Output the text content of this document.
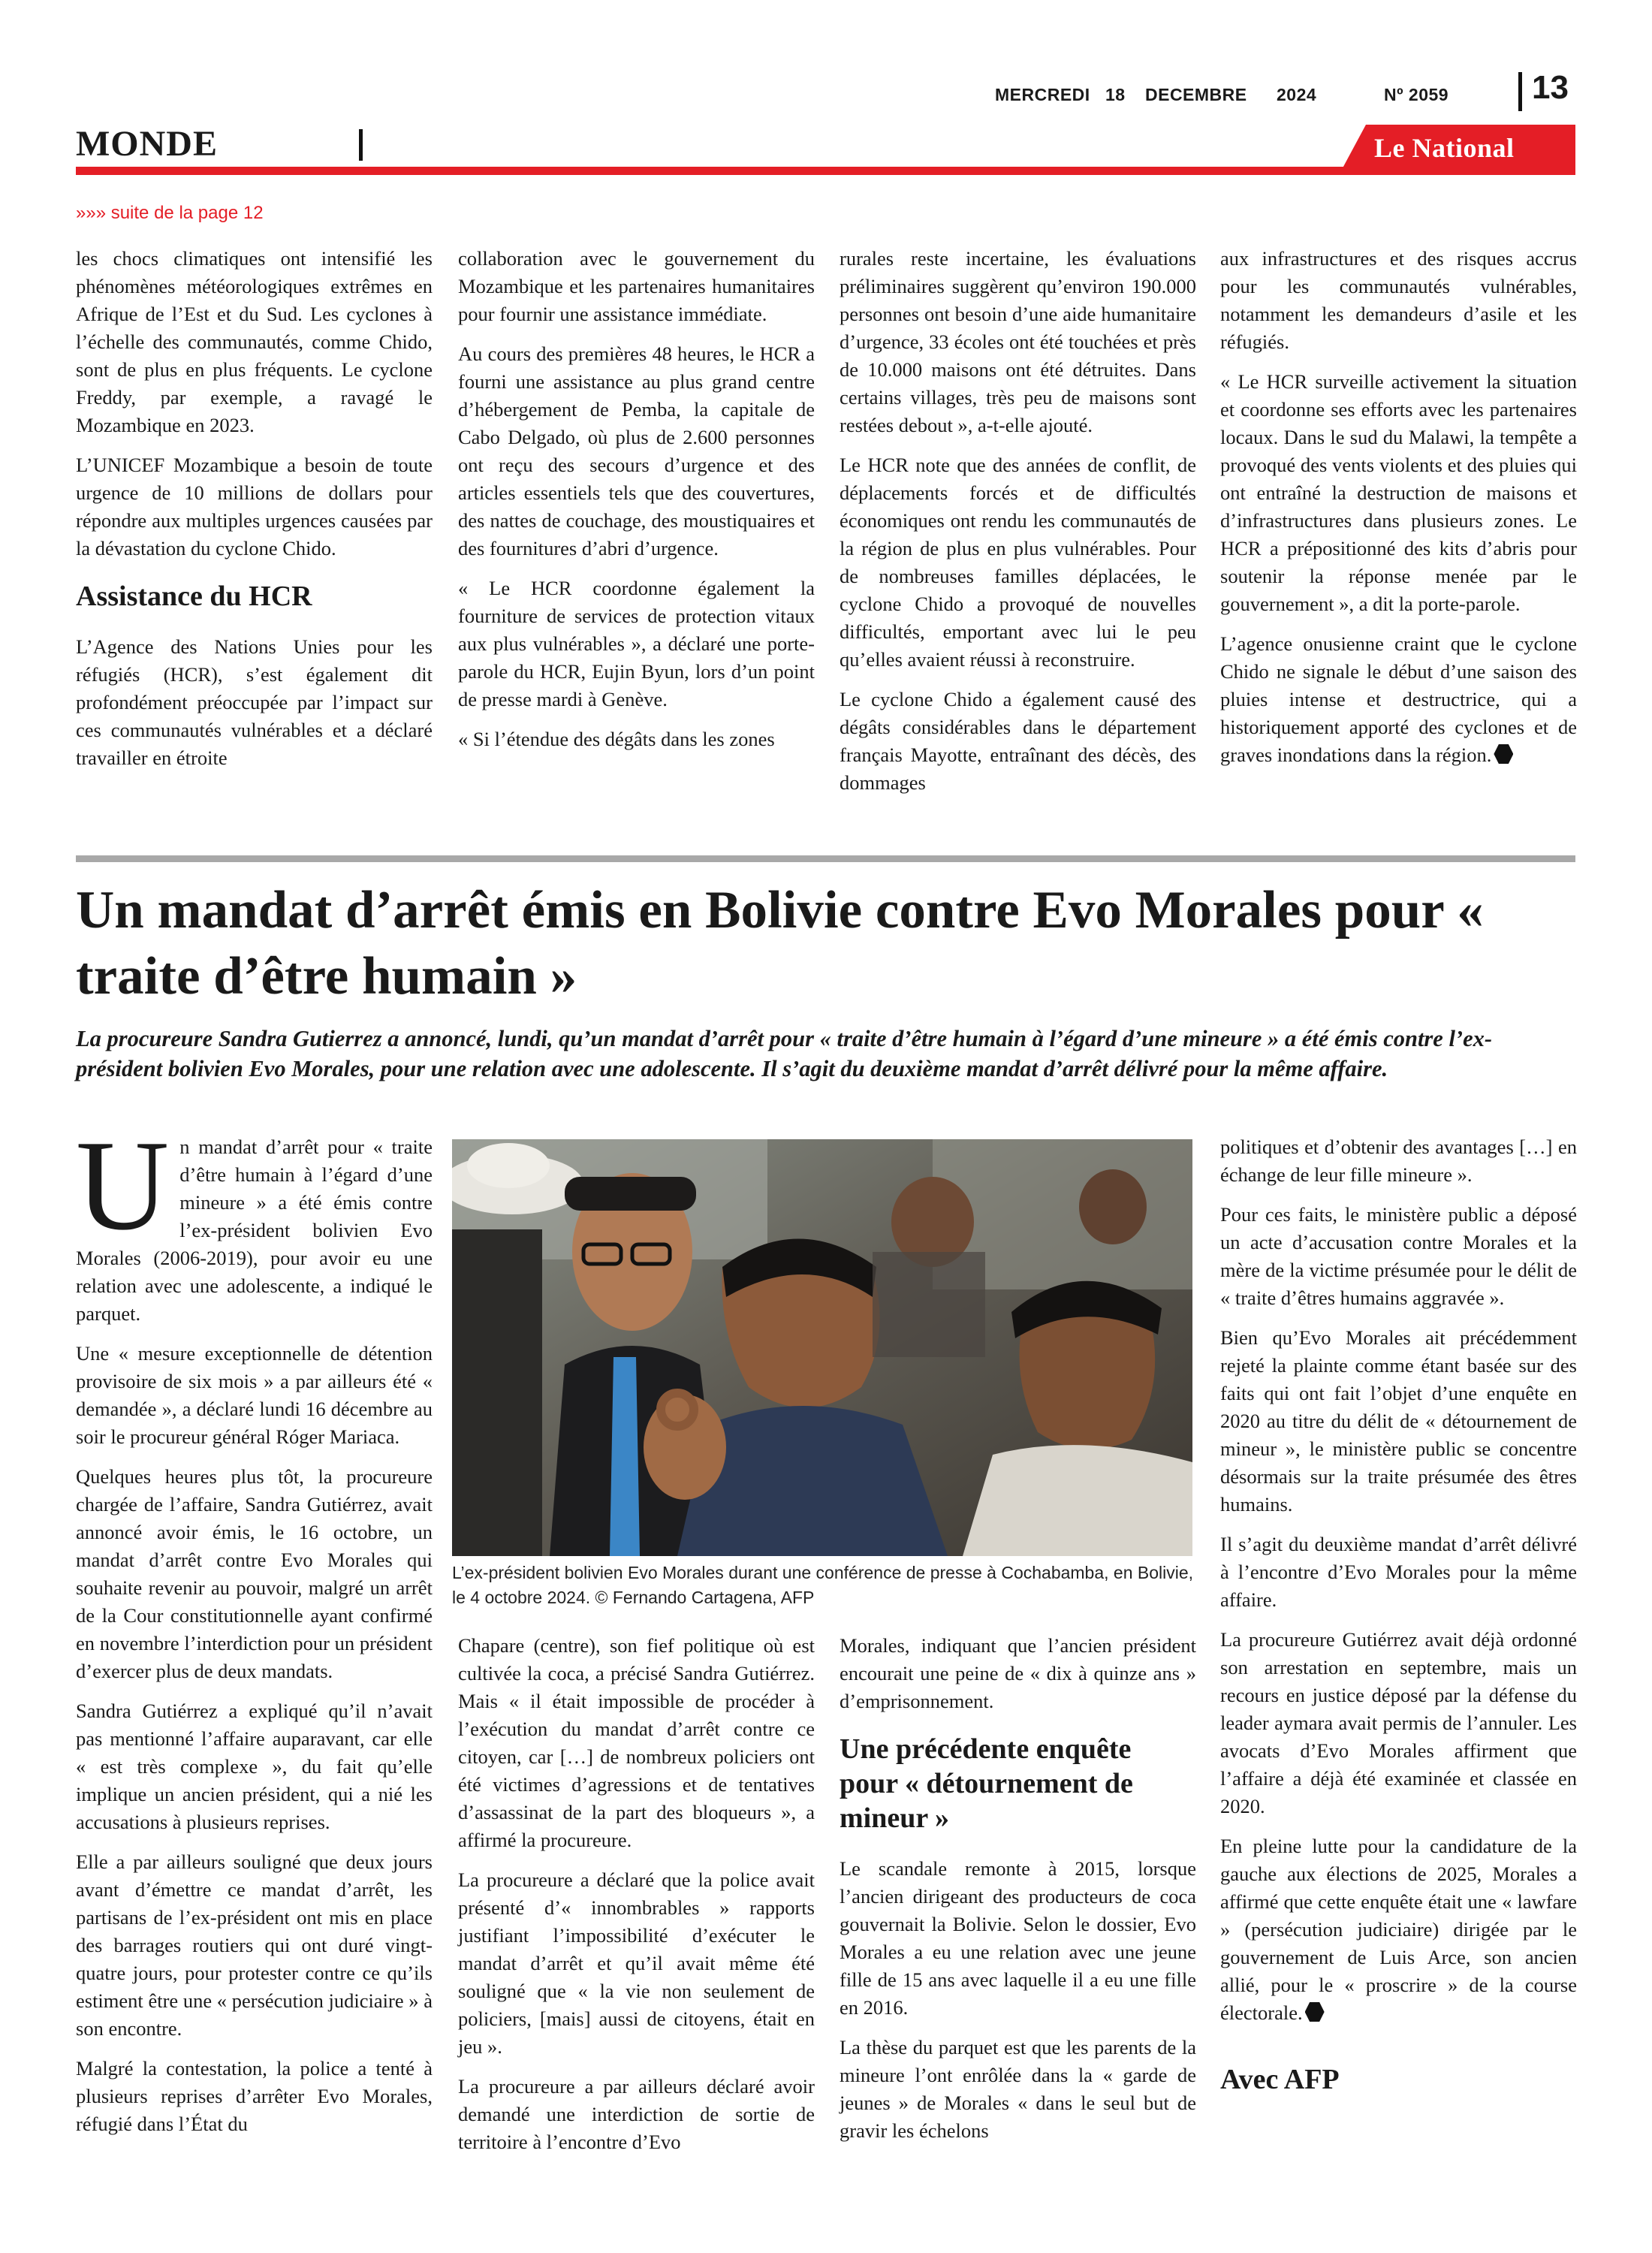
MERCREDI 18 DECEMBRE 2024	Nº 2059	13
MONDE	Le National
»»» suite de la page 12

les chocs climatiques ont intensifié les phénomènes météorologiques extrêmes en Afrique de l’Est et du Sud. Les cyclones à l’échelle des communautés, comme Chido, sont de plus en plus fréquents. Le cyclone Freddy, par exemple, a ravagé le Mozambique en 2023.

L’UNICEF Mozambique a besoin de toute urgence de 10 millions de dollars pour répondre aux multiples urgences causées par la dévastation du cyclone Chido.

Assistance du HCR

L’Agence des Nations Unies pour les réfugiés (HCR), s’est également dit profondément préoccupée par l’impact sur ces communautés vulnérables et a déclaré travailler en étroite

collaboration avec le gouvernement du Mozambique et les partenaires humanitaires pour fournir une assistance immédiate.

Au cours des premières 48 heures, le HCR a fourni une assistance au plus grand centre d’hébergement de Pemba, la capitale de Cabo Delgado, où plus de 2.600 personnes ont reçu des secours d’urgence et des articles essentiels tels que des couvertures, des nattes de couchage, des moustiquaires et des fournitures d’abri d’urgence.

« Le HCR coordonne également la fourniture de services de protection vitaux aux plus vulnérables », a déclaré une porte-parole du HCR, Eujin Byun, lors d’un point de presse mardi à Genève.

« Si l’étendue des dégâts dans les zones

rurales reste incertaine, les évaluations préliminaires suggèrent qu’environ 190.000 personnes ont besoin d’une aide humanitaire d’urgence, 33 écoles ont été touchées et près de 10.000 maisons ont été détruites. Dans certains villages, très peu de maisons sont restées debout », a-t-elle ajouté.

Le HCR note que des années de conflit, de déplacements forcés et de difficultés économiques ont rendu les communautés de la région de plus en plus vulnérables. Pour de nombreuses familles déplacées, le cyclone Chido a provoqué de nouvelles difficultés, emportant avec lui le peu qu’elles avaient réussi à reconstruire.

Le cyclone Chido a également causé des dégâts considérables dans le département français Mayotte, entraînant des décès, des dommages

aux infrastructures et des risques accrus pour les communautés vulnérables, notamment les demandeurs d’asile et les réfugiés.

« Le HCR surveille activement la situation et coordonne ses efforts avec les partenaires locaux. Dans le sud du Malawi, la tempête a provoqué des vents violents et des pluies qui ont entraîné la destruction de maisons et d’infrastructures dans plusieurs zones. Le HCR a prépositionné des kits d’abris pour soutenir la réponse menée par le gouvernement », a dit la porte-parole.

L’agence onusienne craint que le cyclone Chido ne signale le début d’une saison des pluies intense et destructrice, qui a historiquement apporté des cyclones et de graves inondations dans la région.

Un mandat d’arrêt émis en Bolivie contre Evo Morales pour « traite d’être humain »
La procureure Sandra Gutierrez a annoncé, lundi, qu’un mandat d’arrêt pour « traite d’être humain à l’égard d’une mineure » a été émis contre l’ex-président bolivien Evo Morales, pour une relation avec une adolescente. Il s’agit du deuxième mandat d’arrêt délivré pour la même affaire.

Un mandat d’arrêt pour « traite d’être humain à l’égard d’une mineure » a été émis contre l’ex-président bolivien Evo Morales (2006-2019), pour avoir eu une relation avec une adolescente, a indiqué le parquet.

Une « mesure exceptionnelle de détention provisoire de six mois » a par ailleurs été « demandée », a déclaré lundi 16 décembre au soir le procureur général Róger Mariaca.

Quelques heures plus tôt, la procureure chargée de l’affaire, Sandra Gutiérrez, avait annoncé avoir émis, le 16 octobre, un mandat d’arrêt contre Evo Morales qui souhaite revenir au pouvoir, malgré un arrêt de la Cour constitutionnelle ayant confirmé en novembre l’interdiction pour un président d’exercer plus de deux mandats.

Sandra Gutiérrez a expliqué qu’il n’avait pas mentionné l’affaire auparavant, car elle « est très complexe », du fait qu’elle implique un ancien président, qui a nié les accusations à plusieurs reprises.

Elle a par ailleurs souligné que deux jours avant d’émettre ce mandat d’arrêt, les partisans de l’ex-président ont mis en place des barrages routiers qui ont duré vingt-quatre jours, pour protester contre ce qu’ils estiment être une « persécution judiciaire » à son encontre.

Malgré la contestation, la police a tenté à plusieurs reprises d’arrêter Evo Morales, réfugié dans l’État du

L’ex-président bolivien Evo Morales durant une conférence de presse à Cochabamba, en Bolivie, le 4 octobre 2024. © Fernando Cartagena, AFP

Chapare (centre), son fief politique où est cultivée la coca, a précisé Sandra Gutiérrez. Mais « il était impossible de procéder à l’exécution du mandat d’arrêt contre ce citoyen, car […] de nombreux policiers ont été victimes d’agressions et de tentatives d’assassinat de la part des bloqueurs », a affirmé la procureure.

La procureure a déclaré que la police avait présenté d’« innombrables » rapports justifiant l’impossibilité d’exécuter le mandat d’arrêt et qu’il avait même été souligné que « la vie non seulement de policiers, [mais] aussi de citoyens, était en jeu ».

La procureure a par ailleurs déclaré avoir demandé une interdiction de sortie de territoire à l’encontre d’Evo

Morales, indiquant que l’ancien président encourait une peine de « dix à quinze ans » d’emprisonnement.

Une précédente enquête pour « détournement de mineur »

Le scandale remonte à 2015, lorsque l’ancien dirigeant des producteurs de coca gouvernait la Bolivie. Selon le dossier, Evo Morales a eu une relation avec une jeune fille de 15 ans avec laquelle il a eu une fille en 2016.

La thèse du parquet est que les parents de la mineure l’ont enrôlée dans la « garde de jeunes » de Morales « dans le seul but de gravir les échelons

politiques et d’obtenir des avantages […] en échange de leur fille mineure ».

Pour ces faits, le ministère public a déposé un acte d’accusation contre Morales et la mère de la victime présumée pour le délit de « traite d’êtres humains aggravée ».

Bien qu’Evo Morales ait précédemment rejeté la plainte comme étant basée sur des faits qui ont fait l’objet d’une enquête en 2020 au titre du délit de « détournement de mineur », le ministère public se concentre désormais sur la traite présumée des êtres humains.

Il s’agit du deuxième mandat d’arrêt délivré à l’encontre d’Evo Morales pour la même affaire.

La procureure Gutiérrez avait déjà ordonné son arrestation en septembre, mais un recours en justice déposé par la défense du leader aymara avait permis de l’annuler. Les avocats d’Evo Morales affirment que l’affaire a déjà été examinée et classée en 2020.

En pleine lutte pour la candidature de la gauche aux élections de 2025, Morales a affirmé que cette enquête était une « lawfare » (persécution judiciaire) dirigée par le gouvernement de Luis Arce, son ancien allié, pour le « proscrire » de la course électorale.

Avec AFP
